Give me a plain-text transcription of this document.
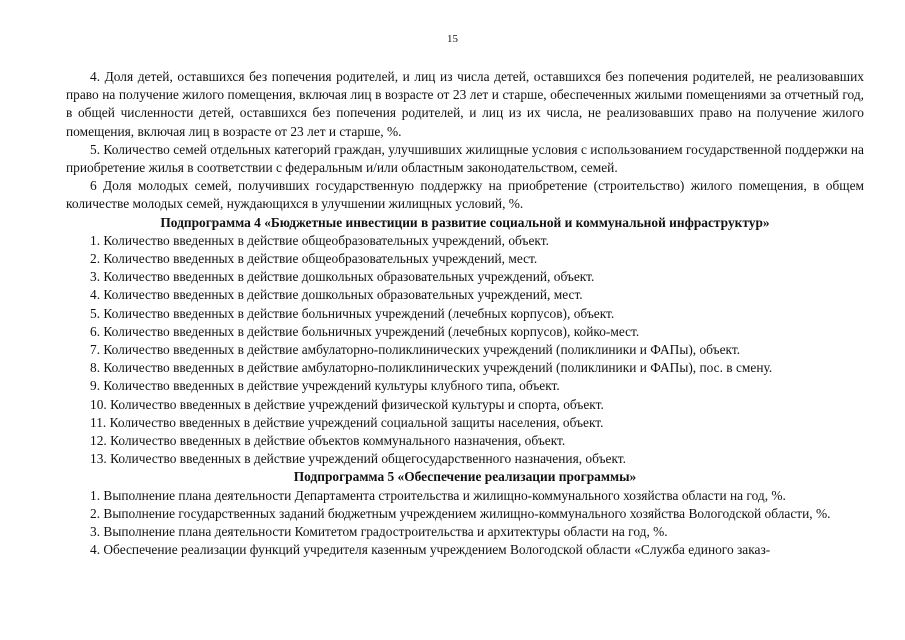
15

4. Доля детей, оставшихся без попечения родителей, и лиц из числа детей, оставшихся без попечения родителей, не реализовавших право на получение жилого помещения, включая лиц в возрасте от 23 лет и старше, обеспеченных жилыми помещениями за отчетный год, в общей численности детей, оставшихся без попечения родителей, и лиц из их числа, не реализовавших право на получение жилого помещения, включая лиц в возрасте от 23 лет и старше, %.

5. Количество семей отдельных категорий граждан, улучшивших жилищные условия с использованием государственной поддержки на приобретение жилья в соответствии с федеральным и/или областным законодательством, семей.

6 Доля молодых семей, получивших государственную поддержку на приобретение (строительство) жилого помещения, в общем количестве молодых семей, нуждающихся в улучшении жилищных условий, %.

Подпрограмма 4 «Бюджетные инвестиции в развитие социальной и коммунальной инфраструктур»

1. Количество введенных в действие общеобразовательных учреждений, объект.

2. Количество введенных в действие общеобразовательных учреждений, мест.

3. Количество введенных в действие дошкольных образовательных учреждений, объект.

4. Количество введенных в действие дошкольных образовательных учреждений, мест.

5. Количество введенных в действие больничных учреждений (лечебных корпусов), объект.

6. Количество введенных в действие больничных учреждений (лечебных корпусов), койко-мест.

7. Количество введенных в действие амбулаторно-поликлинических учреждений (поликлиники и ФАПы), объект.

8. Количество введенных в действие амбулаторно-поликлинических учреждений (поликлиники и ФАПы), пос. в смену.

9. Количество введенных в действие учреждений культуры клубного типа, объект.

10. Количество введенных в действие учреждений физической культуры и спорта, объект.

11. Количество введенных в действие учреждений социальной защиты населения, объект.

12. Количество введенных в действие объектов коммунального назначения, объект.

13. Количество введенных в действие учреждений общегосударственного назначения, объект.

Подпрограмма 5 «Обеспечение реализации программы»

1. Выполнение плана деятельности Департамента строительства и жилищно-коммунального хозяйства области на год, %.

2. Выполнение государственных заданий бюджетным учреждением жилищно-коммунального хозяйства Вологодской области, %.

3. Выполнение плана деятельности Комитетом градостроительства и архитектуры области на год, %.

4. Обеспечение реализации функций учредителя казенным учреждением Вологодской области «Служба единого заказ-
